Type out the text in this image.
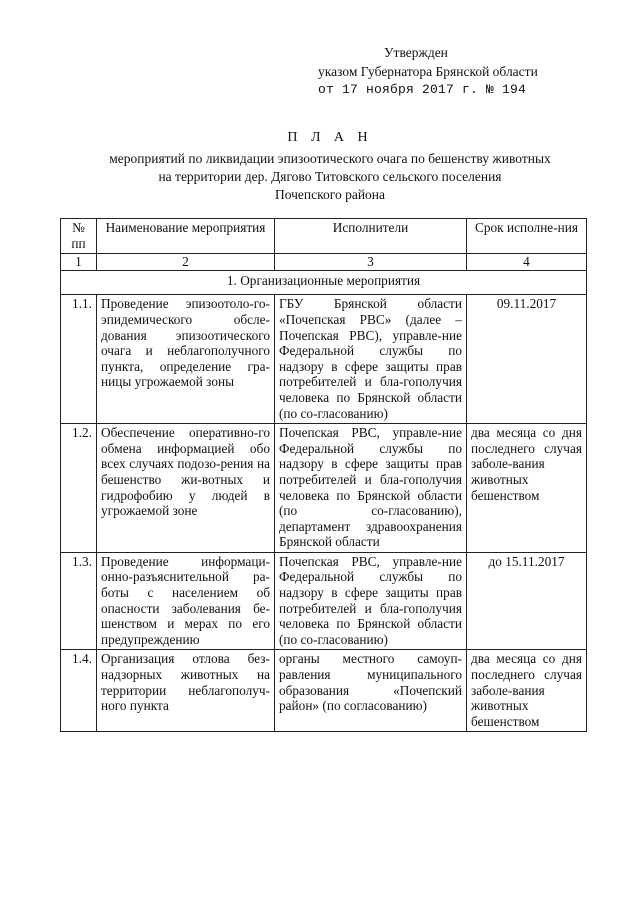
Утвержден
указом Губернатора Брянской области
от 17 ноября 2017 г. № 194
П Л А Н
мероприятий по ликвидации эпизоотического очага по бешенству животных
на территории дер. Дягово Титовского сельского поселения
Почепского района
№ пп	Наименование мероприятия	Исполнители	Срок исполне-ния
1	2	3	4
1. Организационные мероприятия			
1.1.	Проведение эпизоотоло-го-эпидемического обсле-дования эпизоотического очага и неблагополучного пункта, определение гра-ницы угрожаемой зоны	ГБУ Брянской области «Почепская РВС» (далее – Почепская РВС), управле-ние Федеральной службы по надзору в сфере защиты прав потребителей и бла-гополучия человека по Брянской области (по со-гласованию)	09.11.2017
1.2.	Обеспечение оперативно-го обмена информацией обо всех случаях подозо-рения на бешенство жи-вотных и гидрофобию у людей в угрожаемой зоне	Почепская РВС, управле-ние Федеральной службы по надзору в сфере защиты прав потребителей и бла-гополучия человека по Брянской области (по со-гласованию), департамент здравоохранения Брянской области	два месяца со дня последнего случая заболе-вания животных бешенством
1.3.	Проведение информаци-онно-разъяснительной ра-боты с населением об опасности заболевания бе-шенством и мерах по его предупреждению	Почепская РВС, управле-ние Федеральной службы по надзору в сфере защиты прав потребителей и бла-гополучия человека по Брянской области (по со-гласованию)	до 15.11.2017
1.4.	Организация отлова без-надзорных животных на территории неблагополуч-ного пункта	органы местного самоуп-равления муниципального образования «Почепский район» (по согласованию)	два месяца со дня последнего случая заболе-вания животных бешенством
